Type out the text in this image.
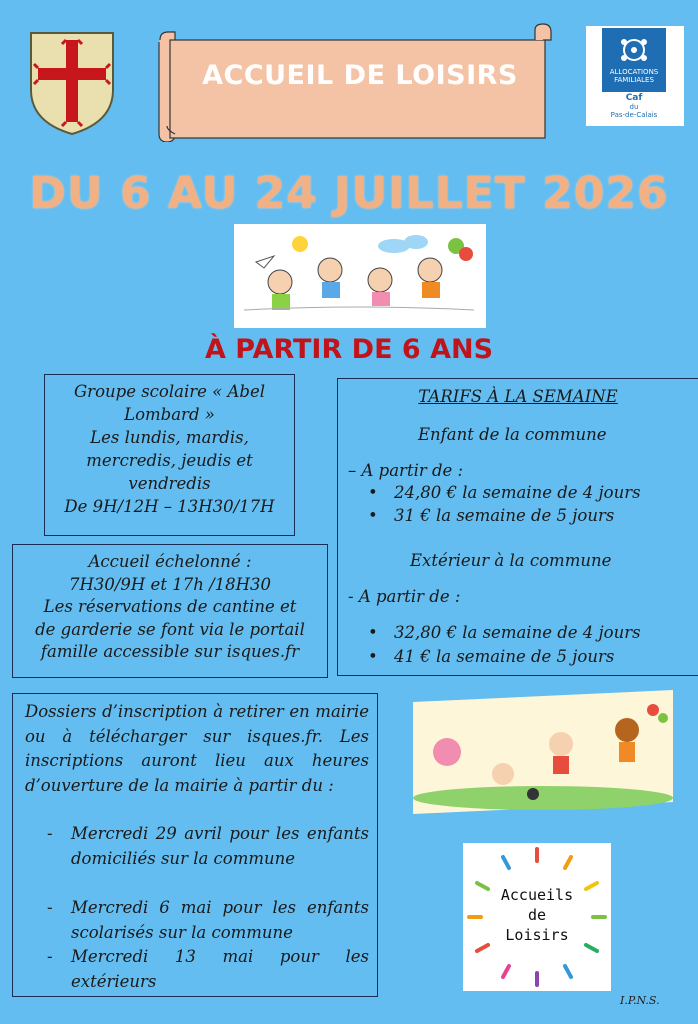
ACCUEIL DE LOISIRS	ALLOCATIONS
FAMILIALES
Caf
du
Pas-de-Calais
DU 6 AU 24 JUILLET 2026
À PARTIR DE 6 ANS
Groupe scolaire « Abel
Lombard »
Les lundis, mardis,
mercredis, jeudis et
vendredis
De 9H/12H – 13H30/17H
Accueil échelonné :
7H30/9H et 17h /18H30
Les réservations de cantine et
de garderie se font via le portail
famille accessible sur isques.fr
TARIFS À LA SEMAINE
Enfant de la commune
– A partir de :
• 24,80 € la semaine de 4 jours
• 31 € la semaine de 5 jours
Extérieur à la commune
- A partir de :
• 32,80 € la semaine de 4 jours
• 41 € la semaine de 5 jours
Dossiers d’inscription à retirer en mairie ou à télécharger sur isques.fr. Les inscriptions auront lieu aux heures d’ouverture de la mairie à partir du :
- Mercredi 29 avril pour les enfants domiciliés sur la commune
- Mercredi 6 mai pour les enfants scolarisés sur la commune
- Mercredi 13 mai pour les extérieurs
Accueils
de
Loisirs
I.P.N.S.
